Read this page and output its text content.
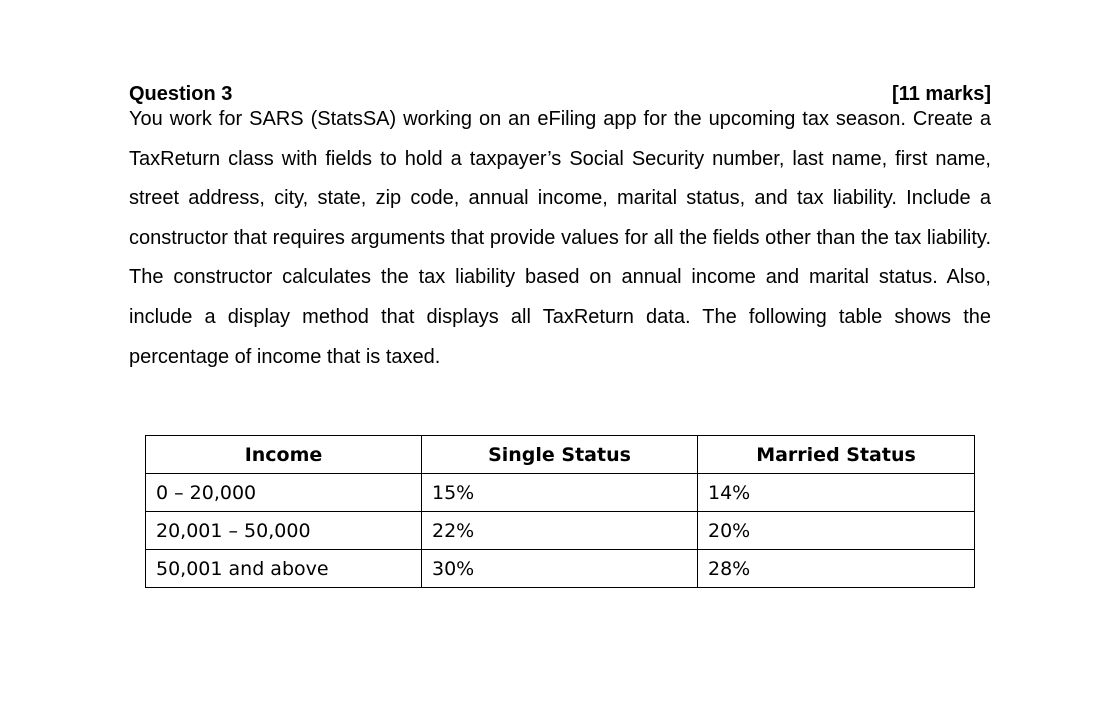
Question 3	[11 marks]

You work for SARS (StatsSA) working on an eFiling app for the upcoming tax season. Create a TaxReturn class with fields to hold a taxpayer’s Social Security number, last name, first name, street address, city, state, zip code, annual income, marital status, and tax liability. Include a constructor that requires arguments that provide values for all the fields other than the tax liability. The constructor calculates the tax liability based on annual income and marital status. Also, include a display method that displays all TaxReturn data. The following table shows the percentage of income that is taxed.

Income	Single Status	Married Status
0 – 20,000	15%	14%
20,001 – 50,000	22%	20%
50,001 and above	30%	28%
